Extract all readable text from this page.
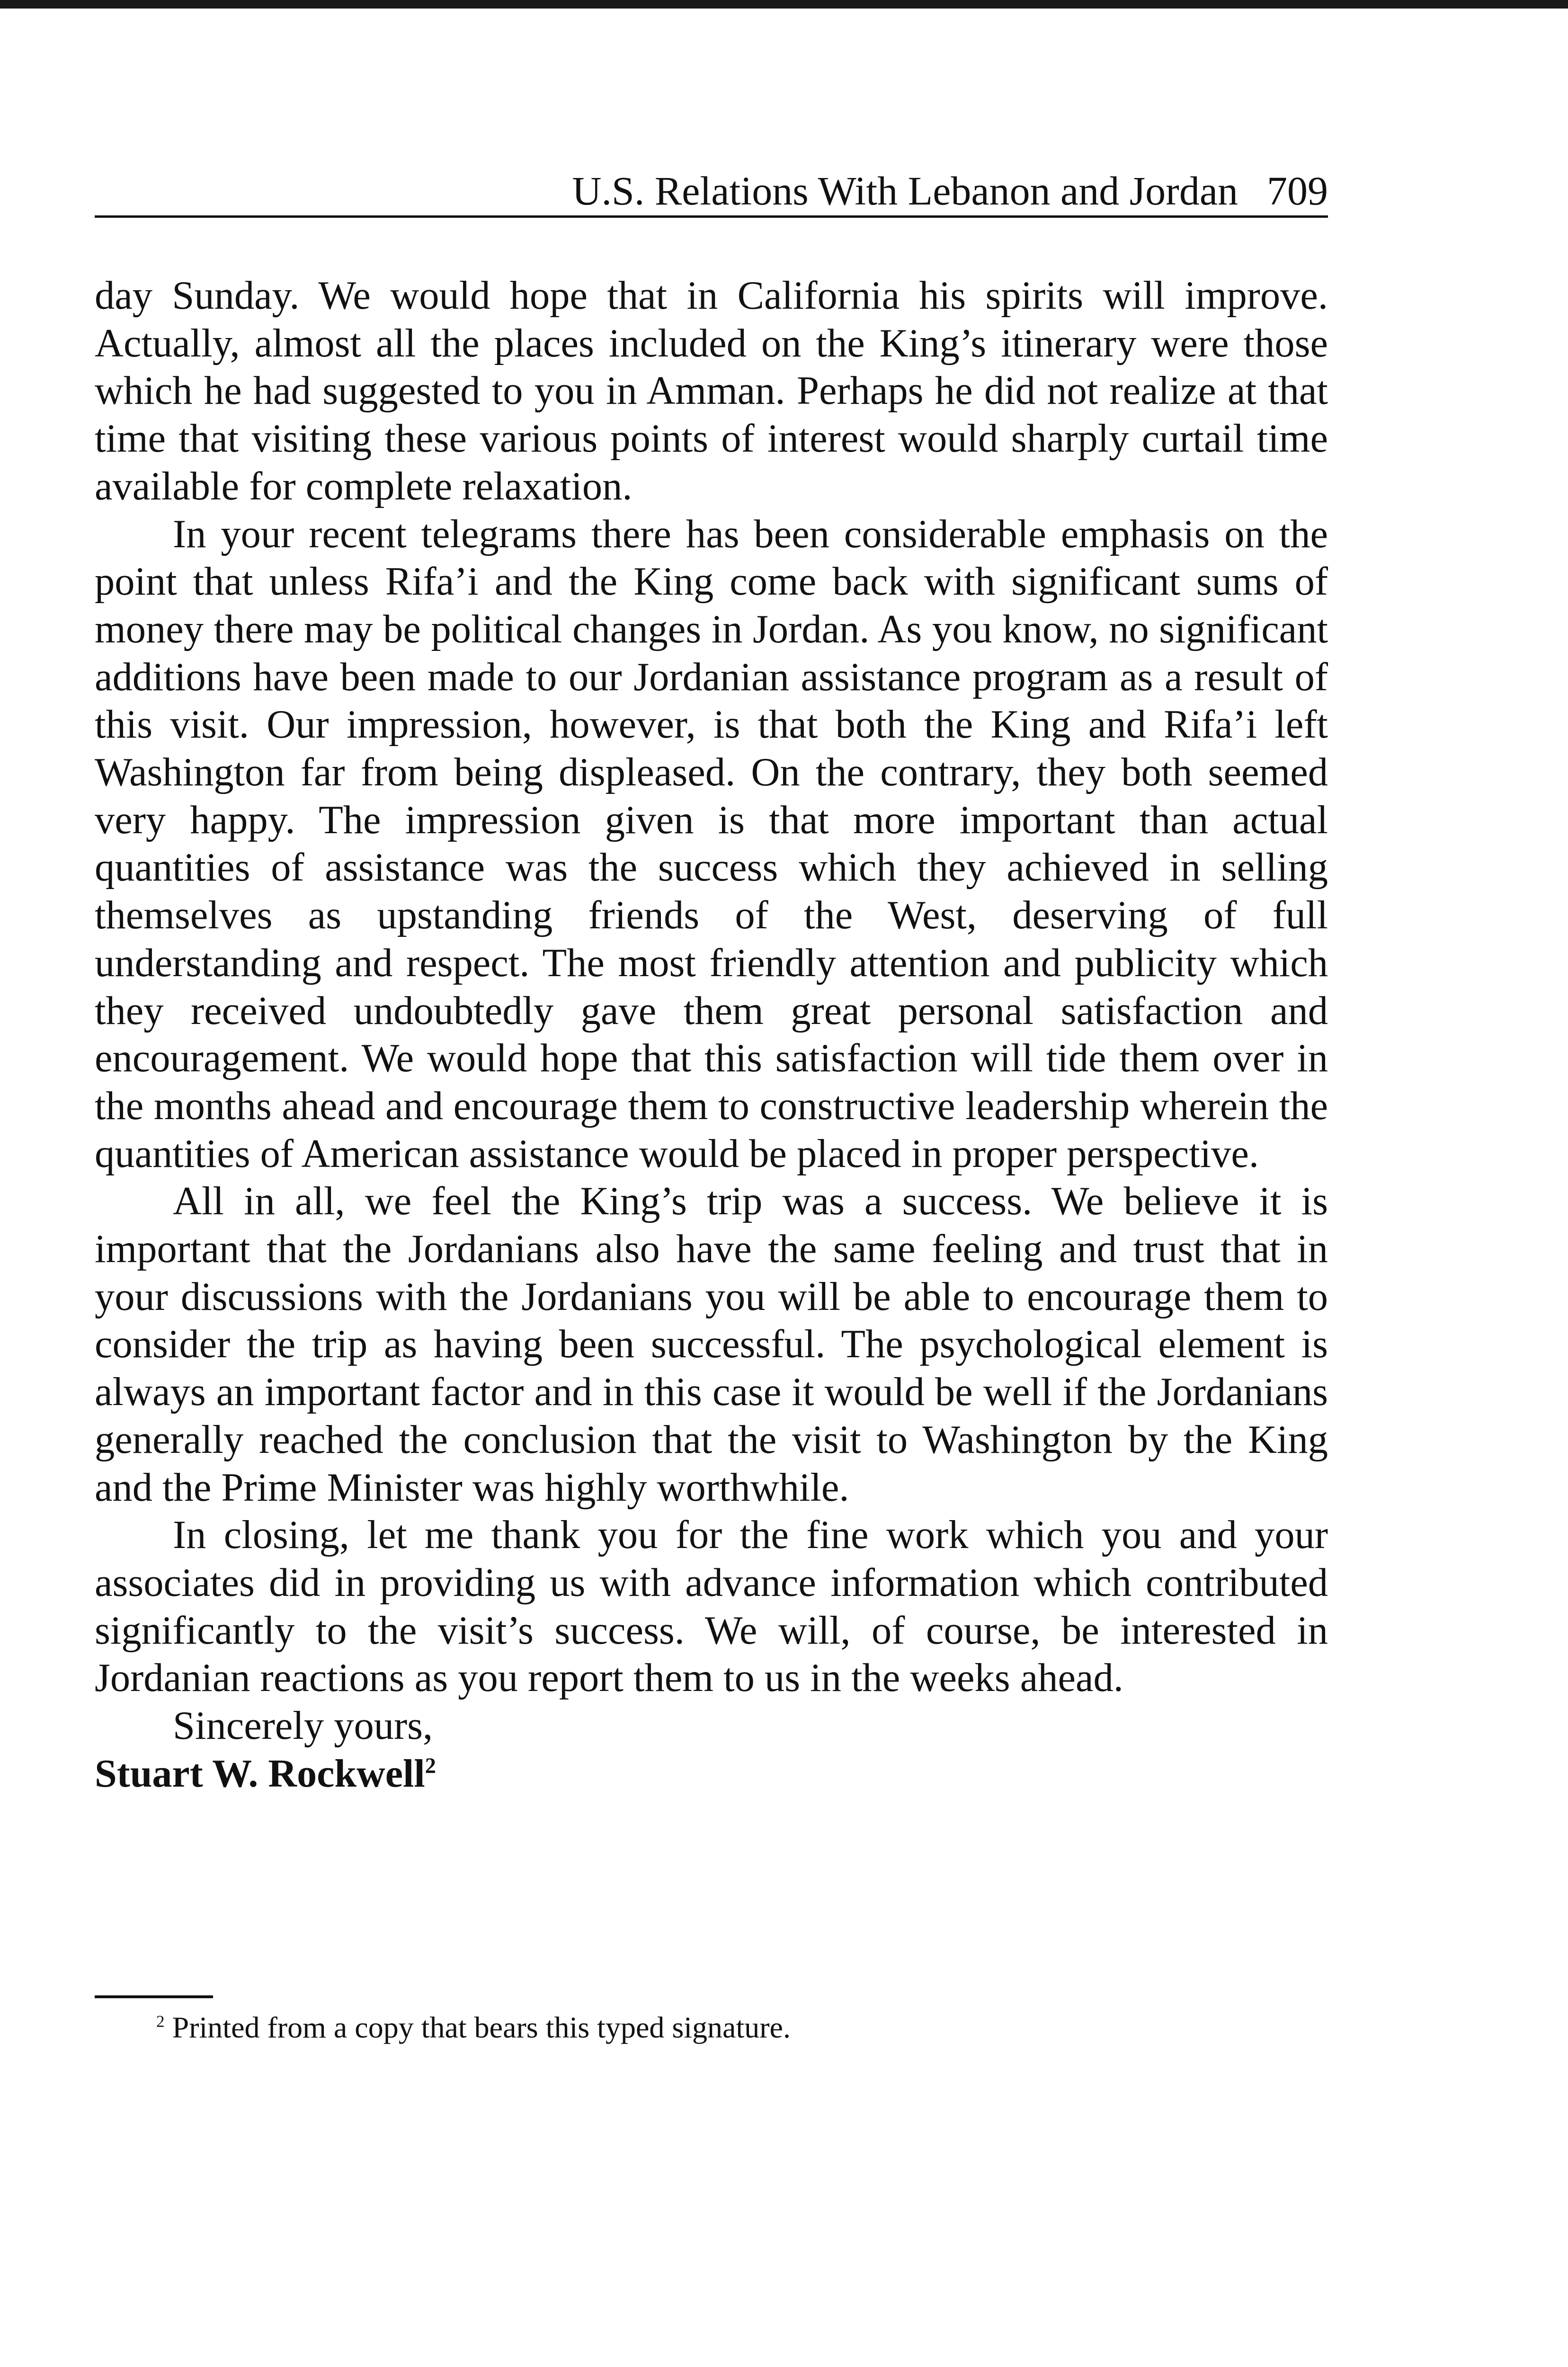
U.S. Relations With Lebanon and Jordan 709

day Sunday. We would hope that in California his spirits will improve. Actually, almost all the places included on the King’s itinerary were those which he had suggested to you in Amman. Perhaps he did not realize at that time that visiting these various points of interest would sharply curtail time available for complete relaxation.

In your recent telegrams there has been considerable emphasis on the point that unless Rifa’i and the King come back with significant sums of money there may be political changes in Jordan. As you know, no significant additions have been made to our Jordanian assistance program as a result of this visit. Our impression, however, is that both the King and Rifa’i left Washington far from being displeased. On the contrary, they both seemed very happy. The impression given is that more important than actual quantities of assistance was the success which they achieved in selling themselves as upstanding friends of the West, deserving of full understanding and respect. The most friendly attention and publicity which they received undoubtedly gave them great personal satisfaction and encouragement. We would hope that this satisfaction will tide them over in the months ahead and encourage them to constructive leadership wherein the quantities of American assistance would be placed in proper perspective.

All in all, we feel the King’s trip was a success. We believe it is important that the Jordanians also have the same feeling and trust that in your discussions with the Jordanians you will be able to encourage them to consider the trip as having been successful. The psychological element is always an important factor and in this case it would be well if the Jordanians generally reached the conclusion that the visit to Washington by the King and the Prime Minister was highly worthwhile.

In closing, let me thank you for the fine work which you and your associates did in providing us with advance information which contributed significantly to the visit’s success. We will, of course, be interested in Jordanian reactions as you report them to us in the weeks ahead.

Sincerely yours,

Stuart W. Rockwell$^2$

$^2$ Printed from a copy that bears this typed signature.
